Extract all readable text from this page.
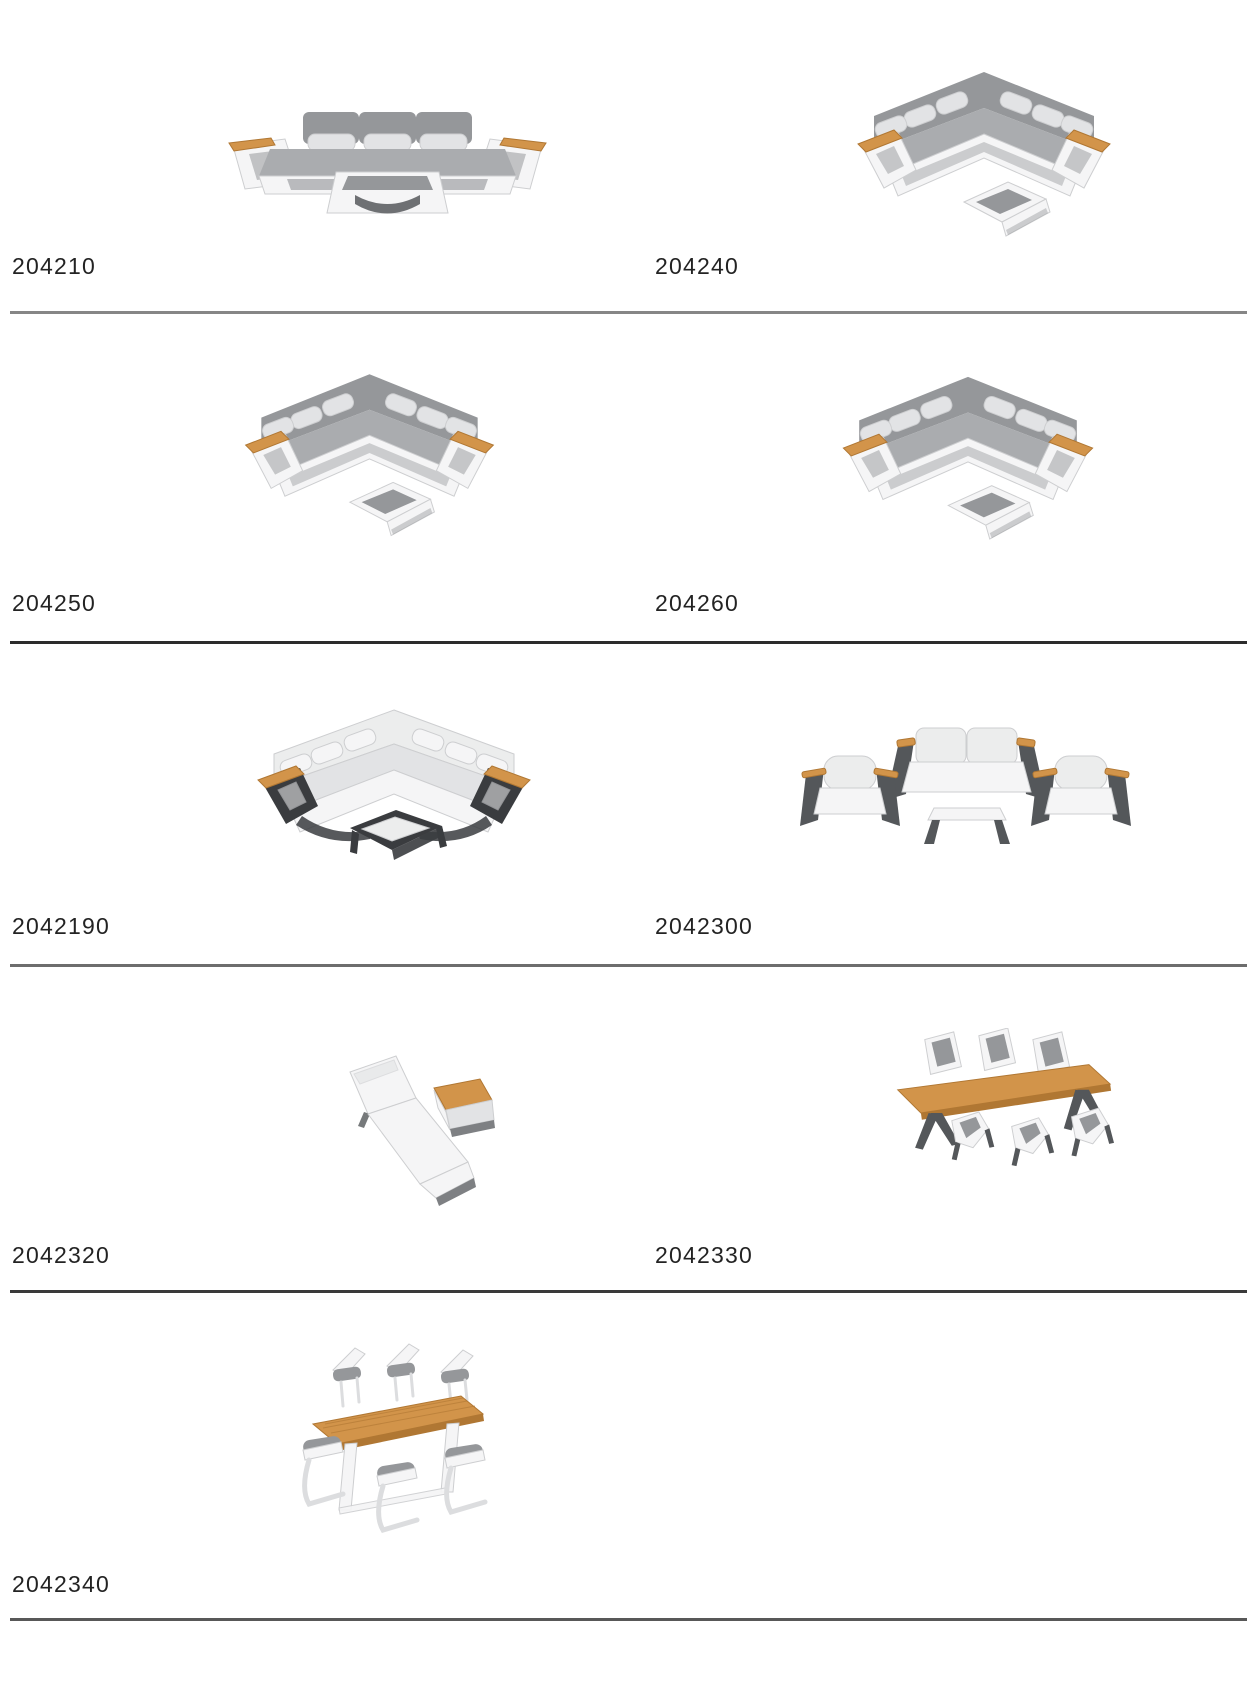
204210	204240
204250	204260
2042190	2042300
2042320	2042330
2042340
